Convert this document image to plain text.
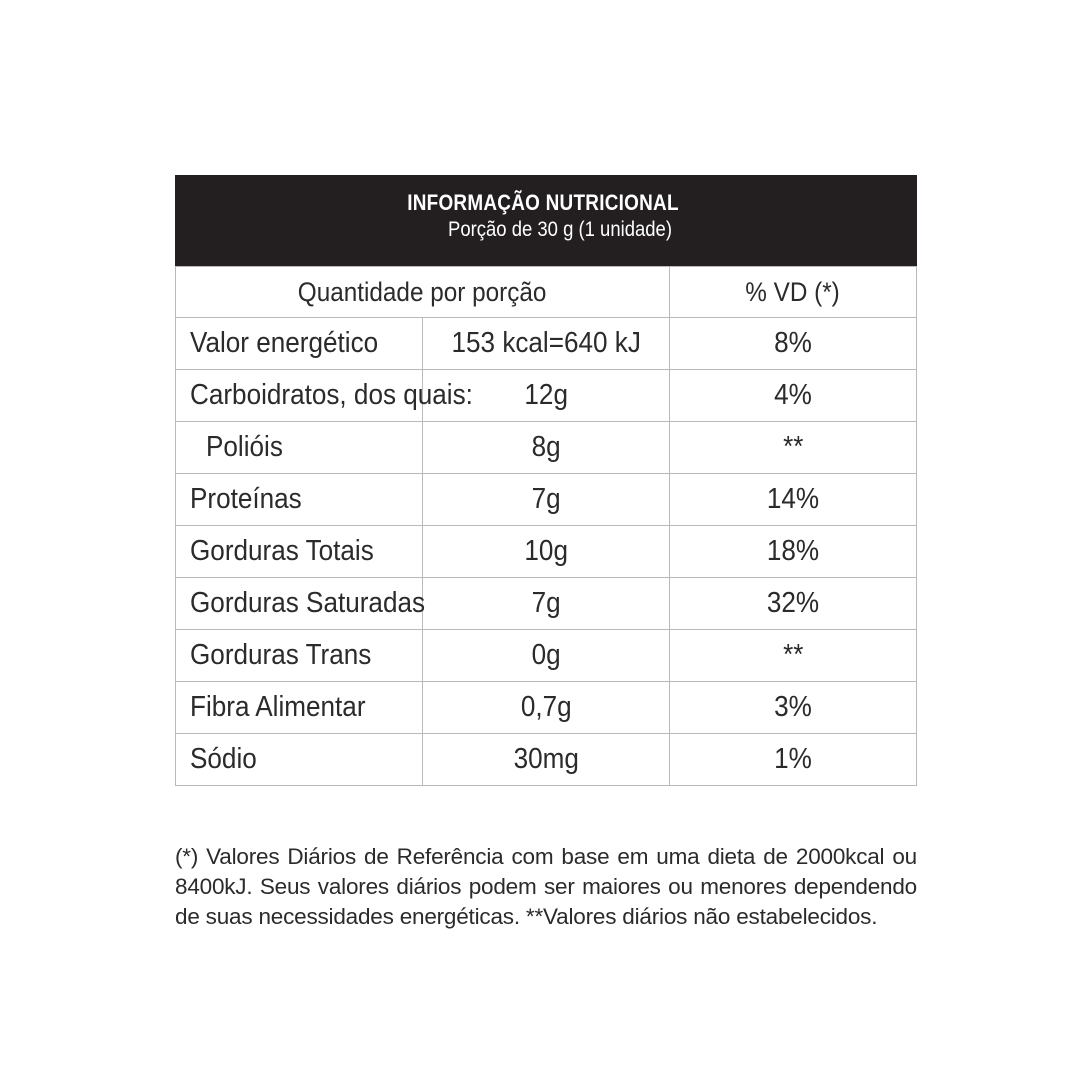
INFORMAÇÃO NUTRICIONAL
Porção de 30 g (1 unidade)
Quantidade por porção		% VD (*)
Valor energético	153 kcal=640 kJ	8%
Carboidratos, dos quais:	12g	4%
Polióis	8g	**
Proteínas	7g	14%
Gorduras Totais	10g	18%
Gorduras Saturadas	7g	32%
Gorduras Trans	0g	**
Fibra Alimentar	0,7g	3%
Sódio	30mg	1%
(*) Valores Diários de Referência com base em uma dieta de 2000kcal ou 8400kJ. Seus valores diários podem ser maiores ou menores dependendo de suas necessidades energéticas. **Valores diários não estabelecidos.
